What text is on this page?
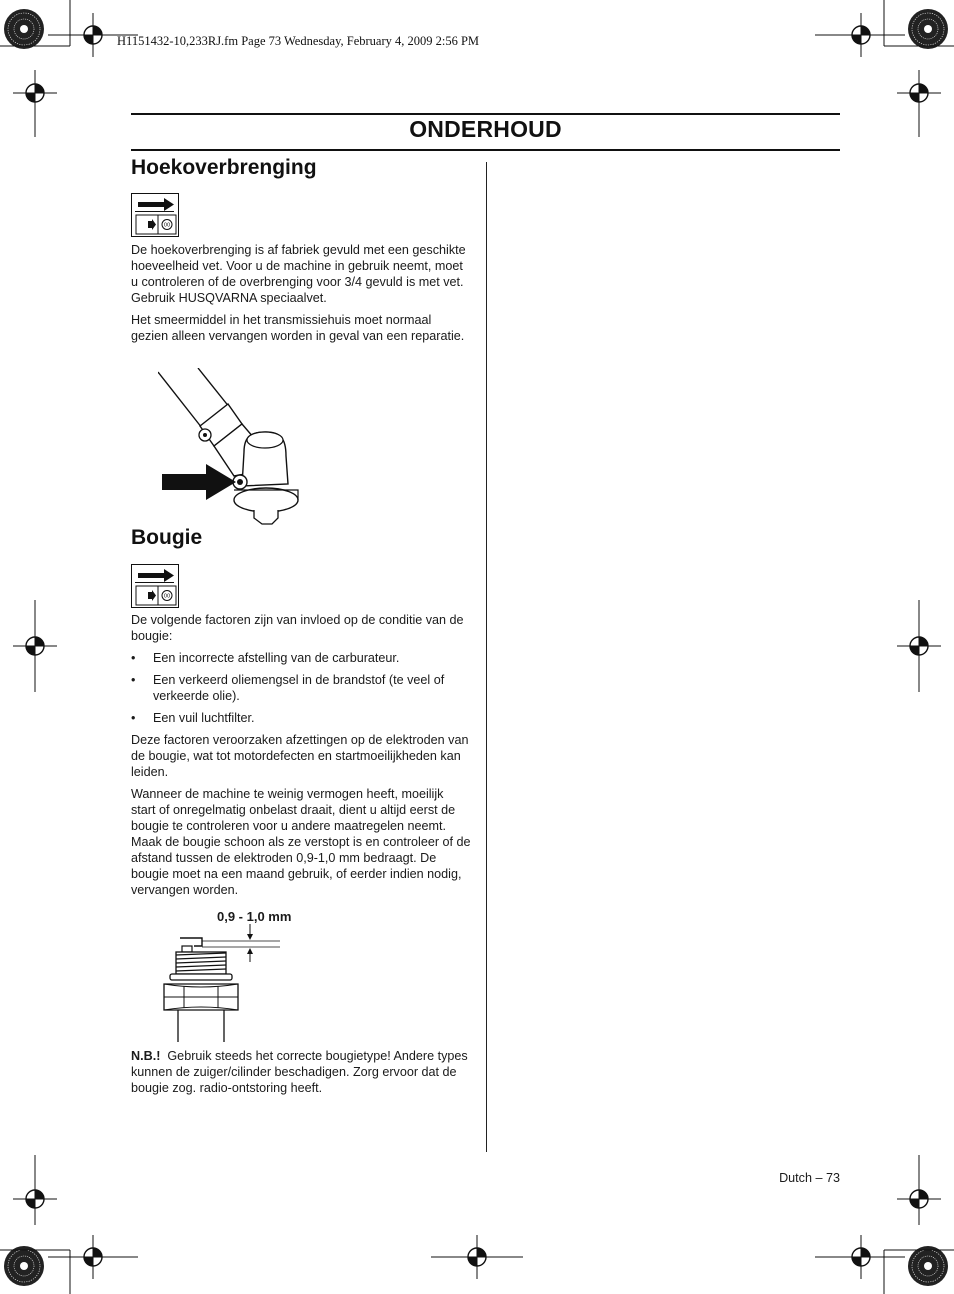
H1151432-10,233RJ.fm Page 73 Wednesday, February 4, 2009 2:56 PM
ONDERHOUD
Hoekoverbrenging
00

De hoekoverbrenging is af fabriek gevuld met een geschikte hoeveelheid vet. Voor u de machine in gebruik neemt, moet u controleren of de overbrenging voor 3/4 gevuld is met vet. Gebruik HUSQVARNA speciaalvet.

Het smeermiddel in het transmissiehuis moet normaal gezien alleen vervangen worden in geval van een reparatie.

Bougie
00

De volgende factoren zijn van invloed op de conditie van de bougie:

• Een incorrecte afstelling van de carburateur.
• Een verkeerd oliemengsel in de brandstof (te veel of verkeerde olie).
• Een vuil luchtfilter.

Deze factoren veroorzaken afzettingen op de elektroden van de bougie, wat tot motordefecten en startmoeilijkheden kan leiden.

Wanneer de machine te weinig vermogen heeft, moeilijk start of onregelmatig onbelast draait, dient u altijd eerst de bougie te controleren voor u andere maatregelen neemt. Maak de bougie schoon als ze verstopt is en controleer of de afstand tussen de elektroden 0,9-1,0 mm bedraagt. De bougie moet na een maand gebruik, of eerder indien nodig, vervangen worden.

0,9 - 1,0 mm

N.B.! Gebruik steeds het correcte bougietype! Andere types kunnen de zuiger/cilinder beschadigen. Zorg ervoor dat de bougie zog. radio-ontstoring heeft.

Dutch – 73
